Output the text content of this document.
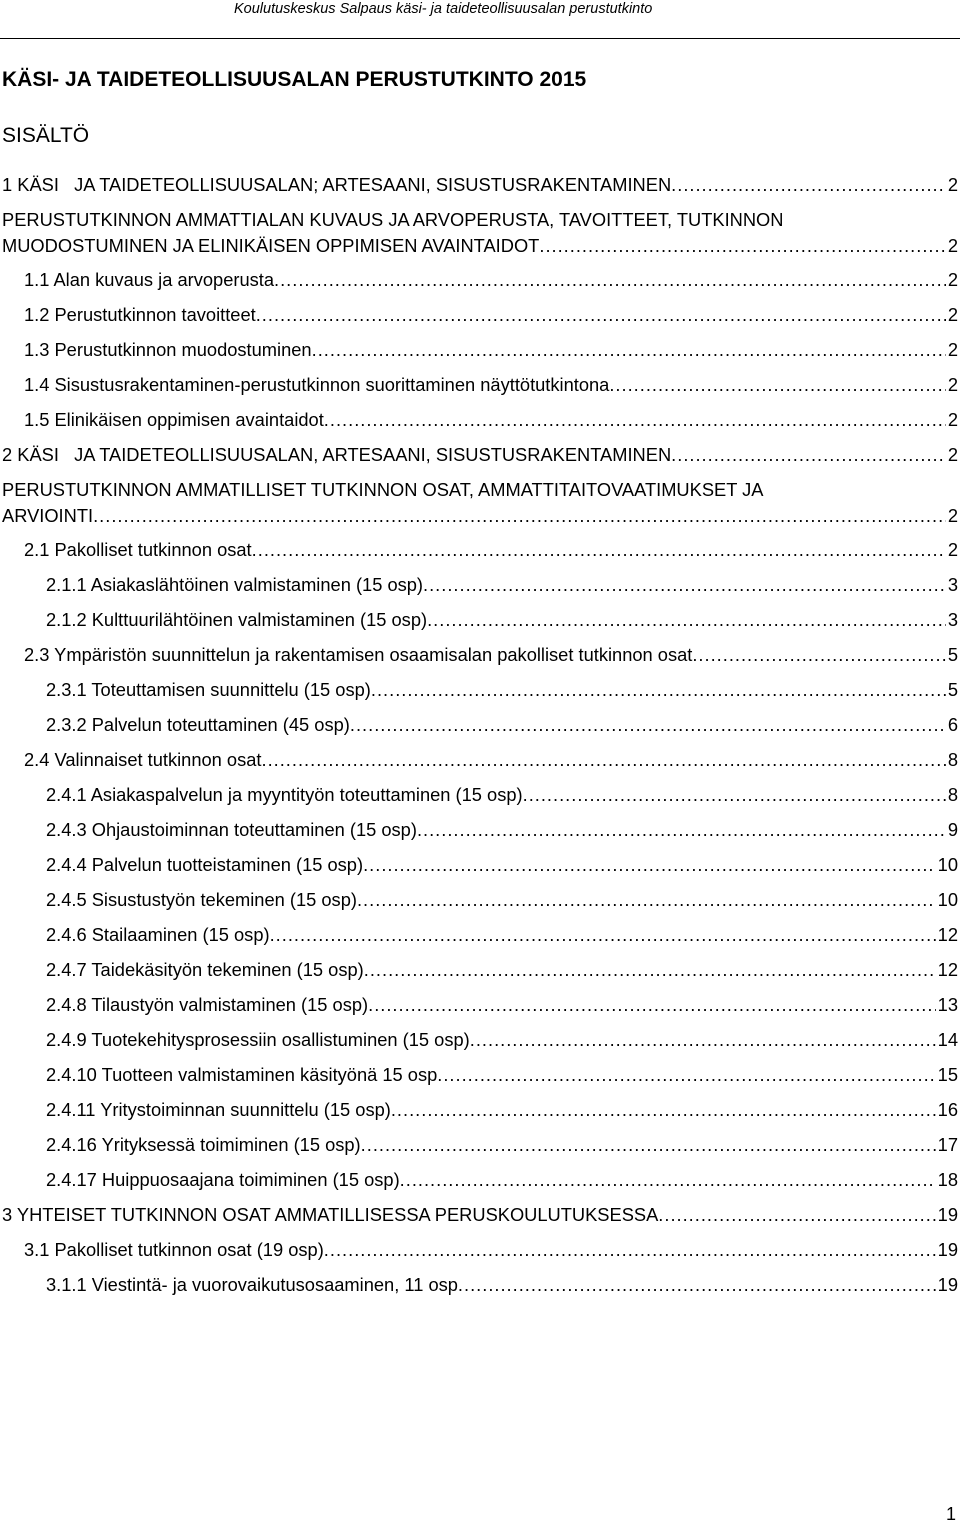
Koulutuskeskus Salpaus käsi- ja taideteollisuusalan perustutkinto
KÄSI- JA TAIDETEOLLISUUSALAN PERUSTUTKINTO 2015
SISÄLTÖ
1 KÄSI   JA TAIDETEOLLISUUSALAN; ARTESAANI, SISUSTUSRAKENTAMINEN .....	2
PERUSTUTKINNON AMMATTIALAN KUVAUS JA ARVOPERUSTA, TAVOITTEET, TUTKINNON
MUODOSTUMINEN JA ELINIKÄISEN OPPIMISEN AVAINTAIDOT .....	2
1.1 Alan kuvaus ja arvoperusta .....	2
1.2 Perustutkinnon tavoitteet .....	2
1.3 Perustutkinnon muodostuminen .....	2
1.4 Sisustusrakentaminen-perustutkinnon suorittaminen näyttötutkintona .....	2
1.5 Elinikäisen oppimisen avaintaidot .....	2
2 KÄSI   JA TAIDETEOLLISUUSALAN, ARTESAANI, SISUSTUSRAKENTAMINEN .....	2
PERUSTUTKINNON AMMATILLISET TUTKINNON OSAT, AMMATTITAITOVAATIMUKSET JA
ARVIOINTI .....	2
2.1 Pakolliset tutkinnon osat .....	2
2.1.1 Asiakaslähtöinen valmistaminen (15 osp) .....	3
2.1.2 Kulttuurilähtöinen valmistaminen (15 osp) .....	3
2.3 Ympäristön suunnittelun ja rakentamisen osaamisalan pakolliset tutkinnon osat .....	5
2.3.1 Toteuttamisen suunnittelu (15 osp) .....	5
2.3.2 Palvelun toteuttaminen (45 osp) .....	6
2.4 Valinnaiset tutkinnon osat .....	8
2.4.1 Asiakaspalvelun ja myyntityön toteuttaminen (15 osp) .....	8
2.4.3 Ohjaustoiminnan toteuttaminen (15 osp) .....	9
2.4.4 Palvelun tuotteistaminen (15 osp) .....	10
2.4.5 Sisustustyön tekeminen (15 osp) .....	10
2.4.6 Stailaaminen (15 osp) .....	12
2.4.7 Taidekäsityön tekeminen (15 osp) .....	12
2.4.8 Tilaustyön valmistaminen (15 osp) .....	13
2.4.9 Tuotekehitysprosessiin osallistuminen (15 osp) .....	14
2.4.10 Tuotteen valmistaminen käsityönä 15 osp .....	15
2.4.11 Yritystoiminnan suunnittelu (15 osp) .....	16
2.4.16 Yrityksessä toimiminen (15 osp) .....	17
2.4.17 Huippuosaajana toimiminen (15 osp) .....	18
3 YHTEISET TUTKINNON OSAT AMMATILLISESSA PERUSKOULUTUKSESSA .....	19
3.1 Pakolliset tutkinnon osat (19 osp) .....	19
3.1.1 Viestintä- ja vuorovaikutusosaaminen, 11 osp .....	19
1
